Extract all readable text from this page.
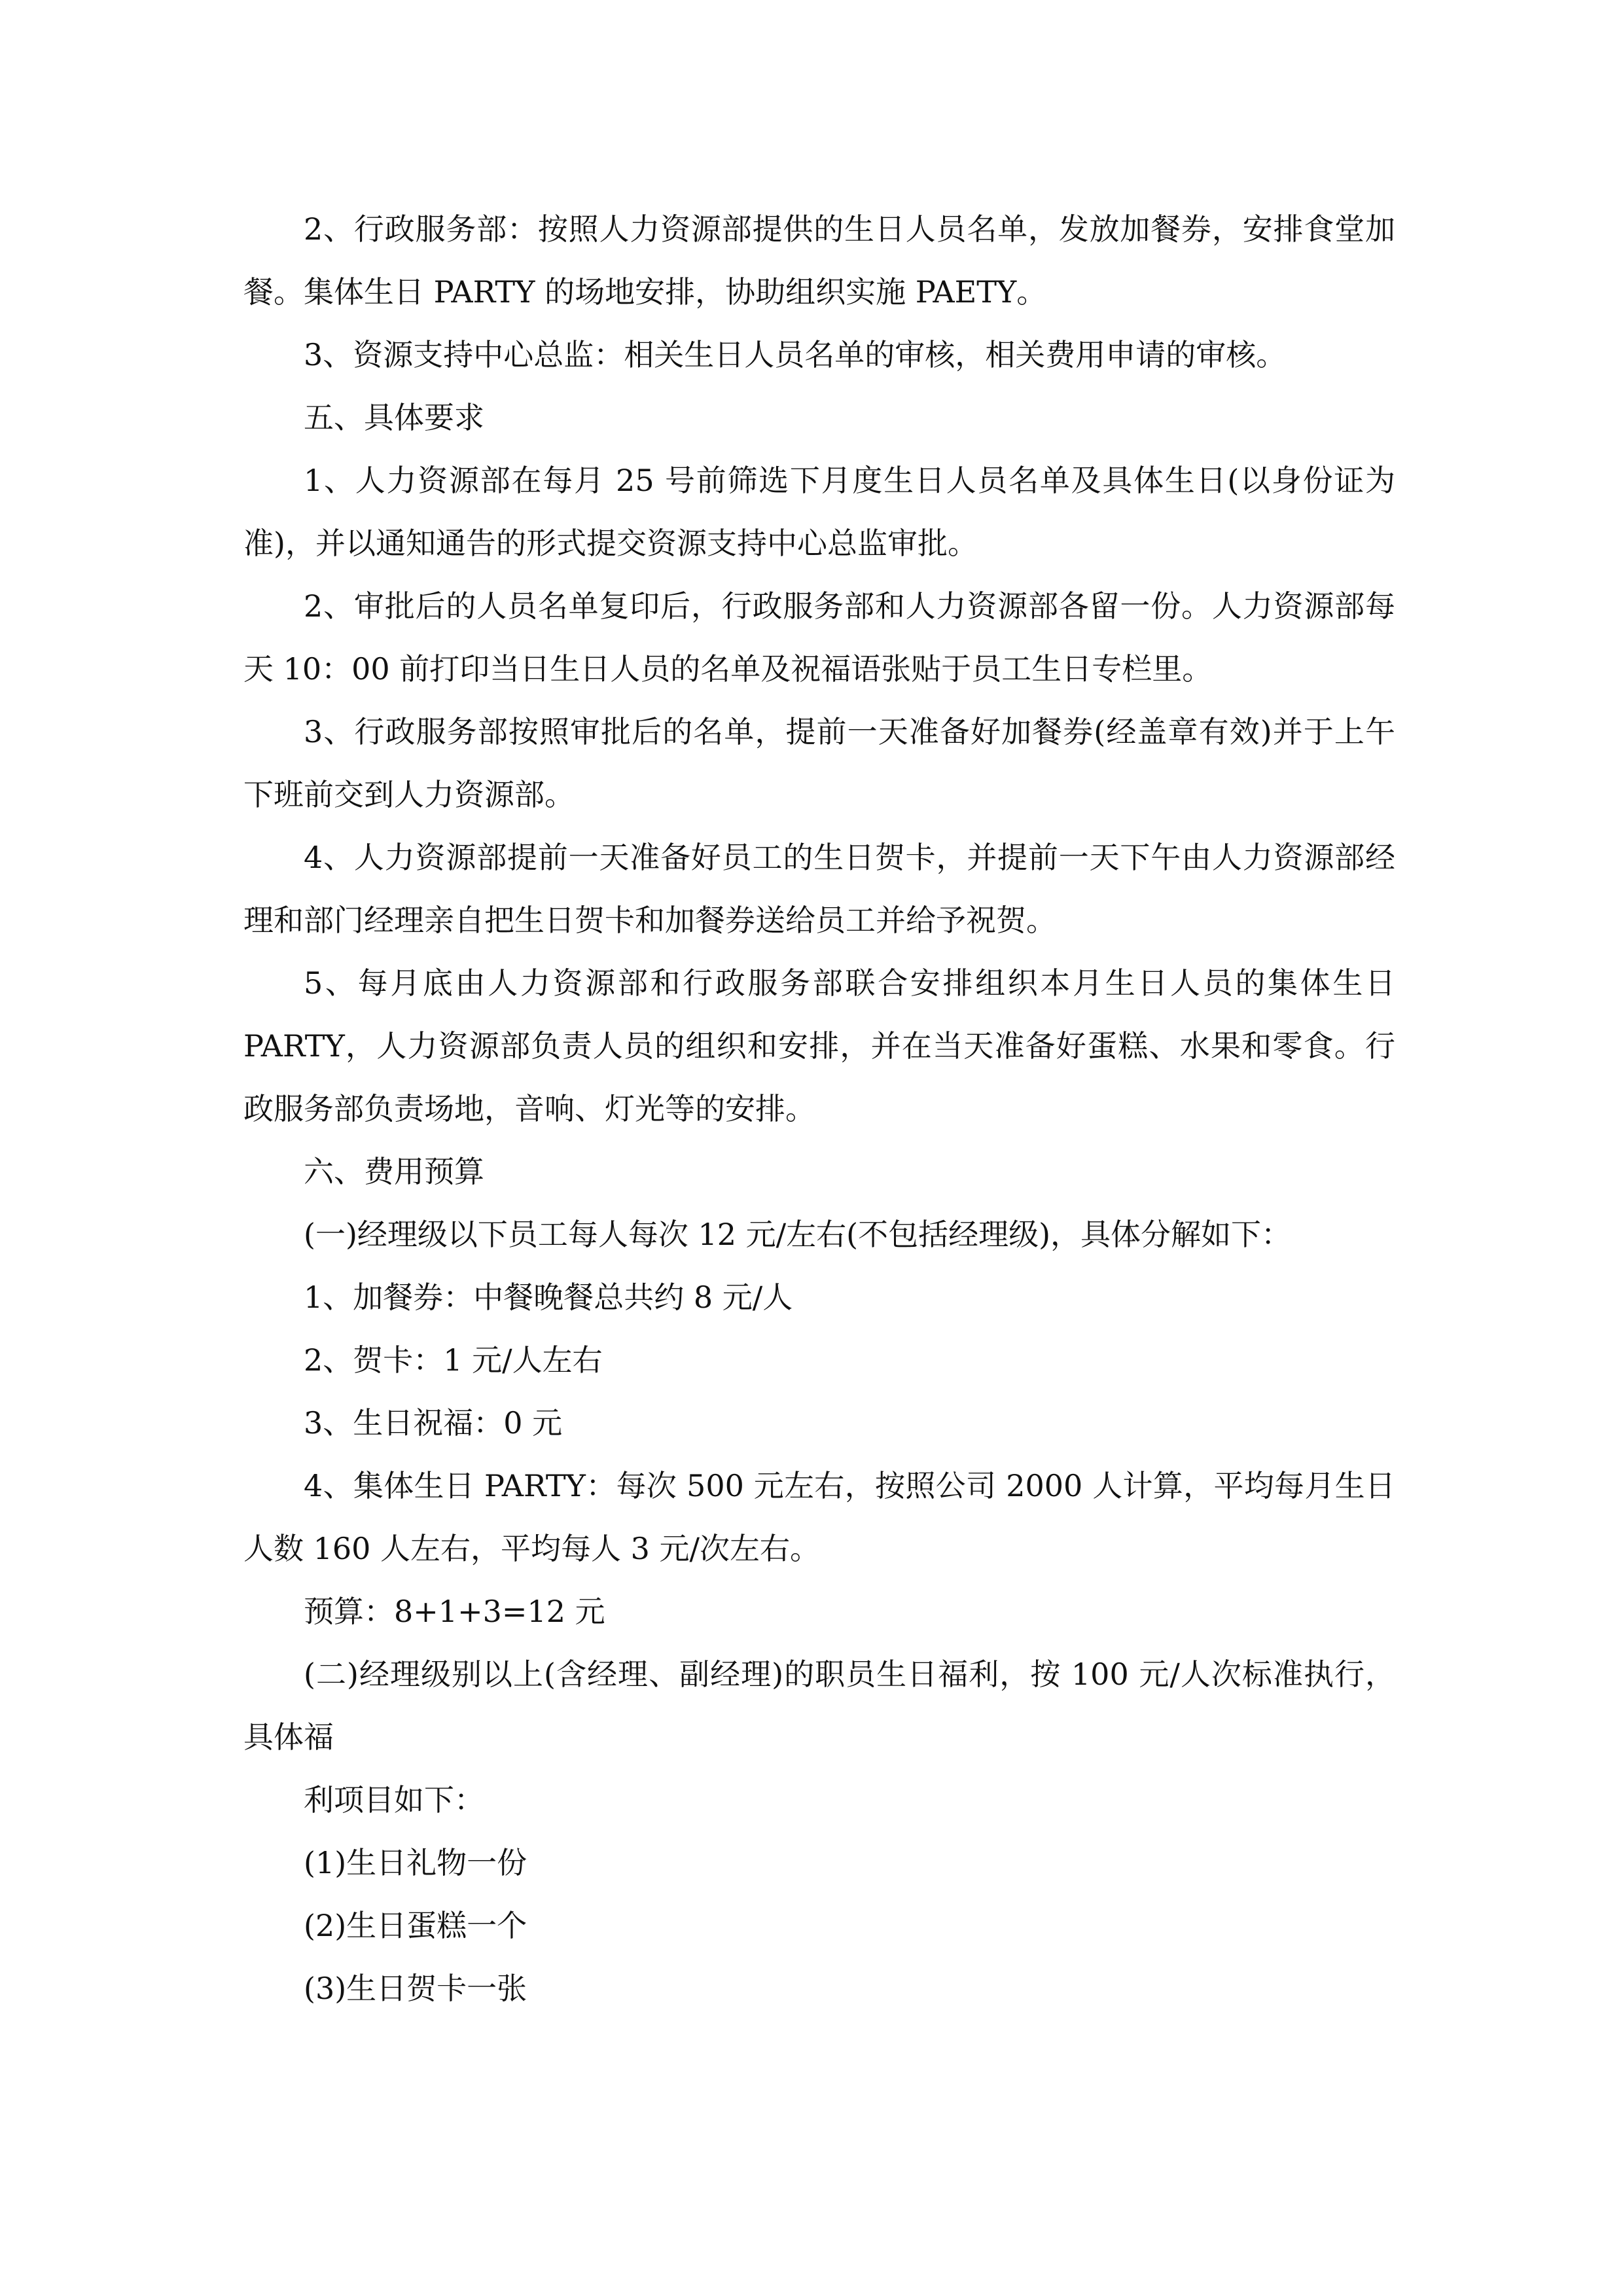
2、行政服务部：按照人力资源部提供的生日人员名单，发放加餐券，安排食堂加餐。集体生日 PARTY 的场地安排，协助组织实施 PAETY。

3、资源支持中心总监：相关生日人员名单的审核，相关费用申请的审核。

五、具体要求

1、人力资源部在每月 25 号前筛选下月度生日人员名单及具体生日(以身份证为准)，并以通知通告的形式提交资源支持中心总监审批。

2、审批后的人员名单复印后，行政服务部和人力资源部各留一份。人力资源部每天 10：00 前打印当日生日人员的名单及祝福语张贴于员工生日专栏里。

3、行政服务部按照审批后的名单，提前一天准备好加餐券(经盖章有效)并于上午下班前交到人力资源部。

4、人力资源部提前一天准备好员工的生日贺卡，并提前一天下午由人力资源部经理和部门经理亲自把生日贺卡和加餐券送给员工并给予祝贺。

5、每月底由人力资源部和行政服务部联合安排组织本月生日人员的集体生日 PARTY，人力资源部负责人员的组织和安排，并在当天准备好蛋糕、水果和零食。行政服务部负责场地，音响、灯光等的安排。

六、费用预算

(一)经理级以下员工每人每次 12 元/左右(不包括经理级)，具体分解如下：

1、加餐券：中餐晚餐总共约 8 元/人

2、贺卡：1 元/人左右

3、生日祝福：0 元

4、集体生日 PARTY：每次 500 元左右，按照公司 2000 人计算，平均每月生日人数 160 人左右，平均每人 3 元/次左右。

预算：8+1+3=12 元

(二)经理级别以上(含经理、副经理)的职员生日福利，按 100 元/人次标准执行，具体福

利项目如下：

(1)生日礼物一份

(2)生日蛋糕一个

(3)生日贺卡一张
